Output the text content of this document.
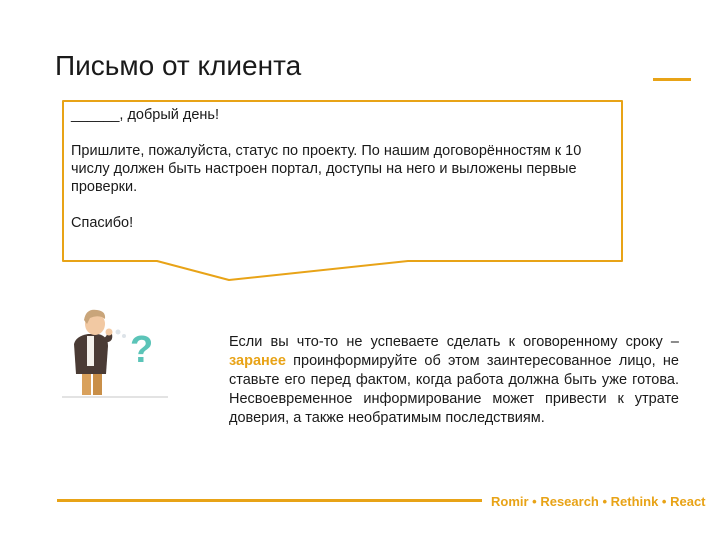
Письмо от клиента

______, добрый день!

Пришлите, пожалуйста, статус по проекту. По нашим договорённостям к 10 числу должен быть настроен портал, доступы на него и выложены первые проверки.

Спасибо!

?	Если вы что-то не успеваете сделать к оговоренному сроку – заранее проинформируйте об этом заинтересованное лицо, не ставьте его перед фактом, когда работа должна быть уже готова. Несвоевременное информирование может привести к утрате доверия, а также необратимым последствиям.
Romir • Research • Rethink • React
